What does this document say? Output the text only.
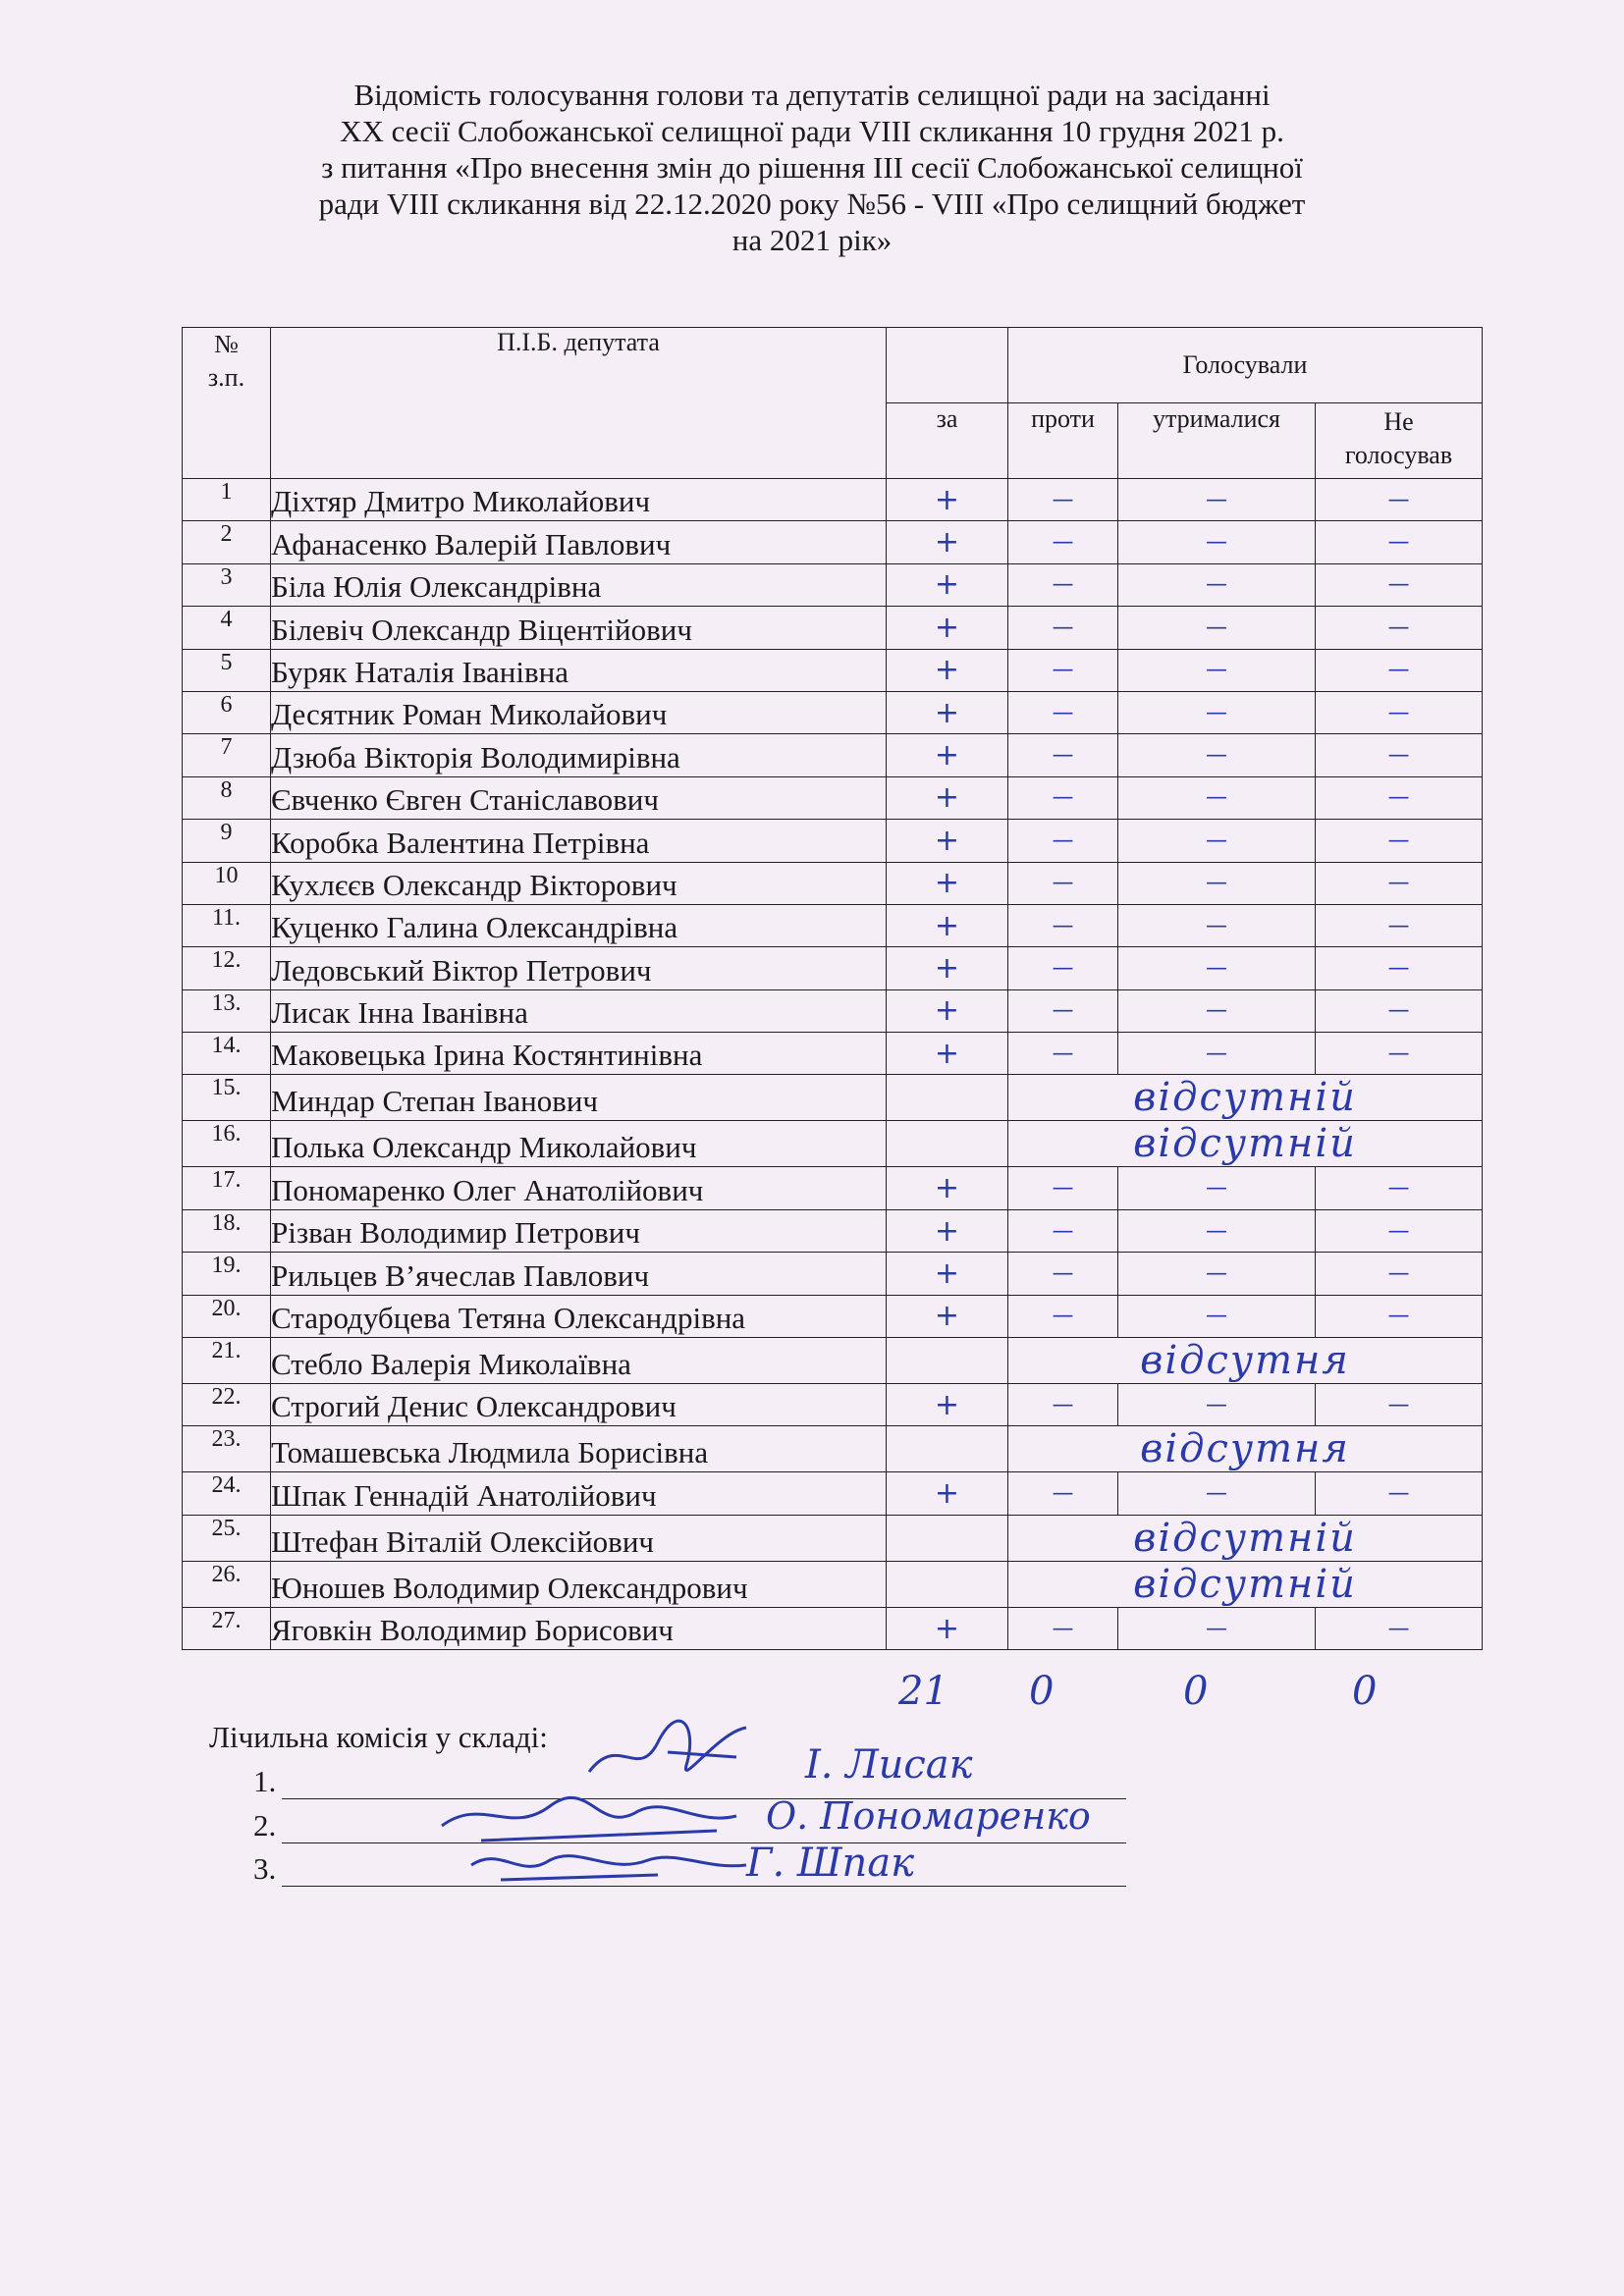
Відомість голосування голови та депутатів селищної ради на засіданні
XX сесії Слобожанської селищної ради VIII скликання 10 грудня 2021 р.
з питання «Про внесення змін до рішення III сесії Слобожанської селищної
ради VIII скликання від 22.12.2020 року №56 - VIII «Про селищний бюджет
на 2021 рік»
№
з.п.	П.І.Б. депутата		Голосували		
		за	проти	утрималися	Не
голосував

1	Діхтяр Дмитро Миколайович	+	—	—	—
2	Афанасенко Валерій Павлович	+	—	—	—
3	Біла Юлія Олександрівна	+	—	—	—
4	Білевіч Олександр Віцентійович	+	—	—	—
5	Буряк Наталія Іванівна	+	—	—	—
6	Десятник Роман Миколайович	+	—	—	—
7	Дзюба Вікторія Володимирівна	+	—	—	—
8	Євченко Євген Станіславович	+	—	—	—
9	Коробка Валентина Петрівна	+	—	—	—
10	Кухлєєв Олександр Вікторович	+	—	—	—
11.	Куценко Галина Олександрівна	+	—	—	—
12.	Ледовський Віктор Петрович	+	—	—	—
13.	Лисак Інна Іванівна	+	—	—	—
14.	Маковецька Ірина Костянтинівна	+	—	—	—
15.	Миндар Степан Іванович		відсутній		
16.	Полька Олександр Миколайович		відсутній		
17.	Пономаренко Олег Анатолійович	+	—	—	—
18.	Різван Володимир Петрович	+	—	—	—
19.	Рильцев В’ячеслав Павлович	+	—	—	—
20.	Стародубцева Тетяна Олександрівна	+	—	—	—
21.	Стебло Валерія Миколаївна		відсутня		
22.	Строгий Денис Олександрович	+	—	—	—
23.	Томашевська Людмила Борисівна		відсутня		
24.	Шпак Геннадій Анатолійович	+	—	—	—
25.	Штефан Віталій Олексійович		відсутній		
26.	Юношев Володимир Олександрович		відсутній		
27.	Яговкін Володимир Борисович	+	—	—	—
21 0	0	0
Лічильна комісія у складі:
1.
2.
3.
І. Лисак
О. Пономаренко
Г. Шпак
